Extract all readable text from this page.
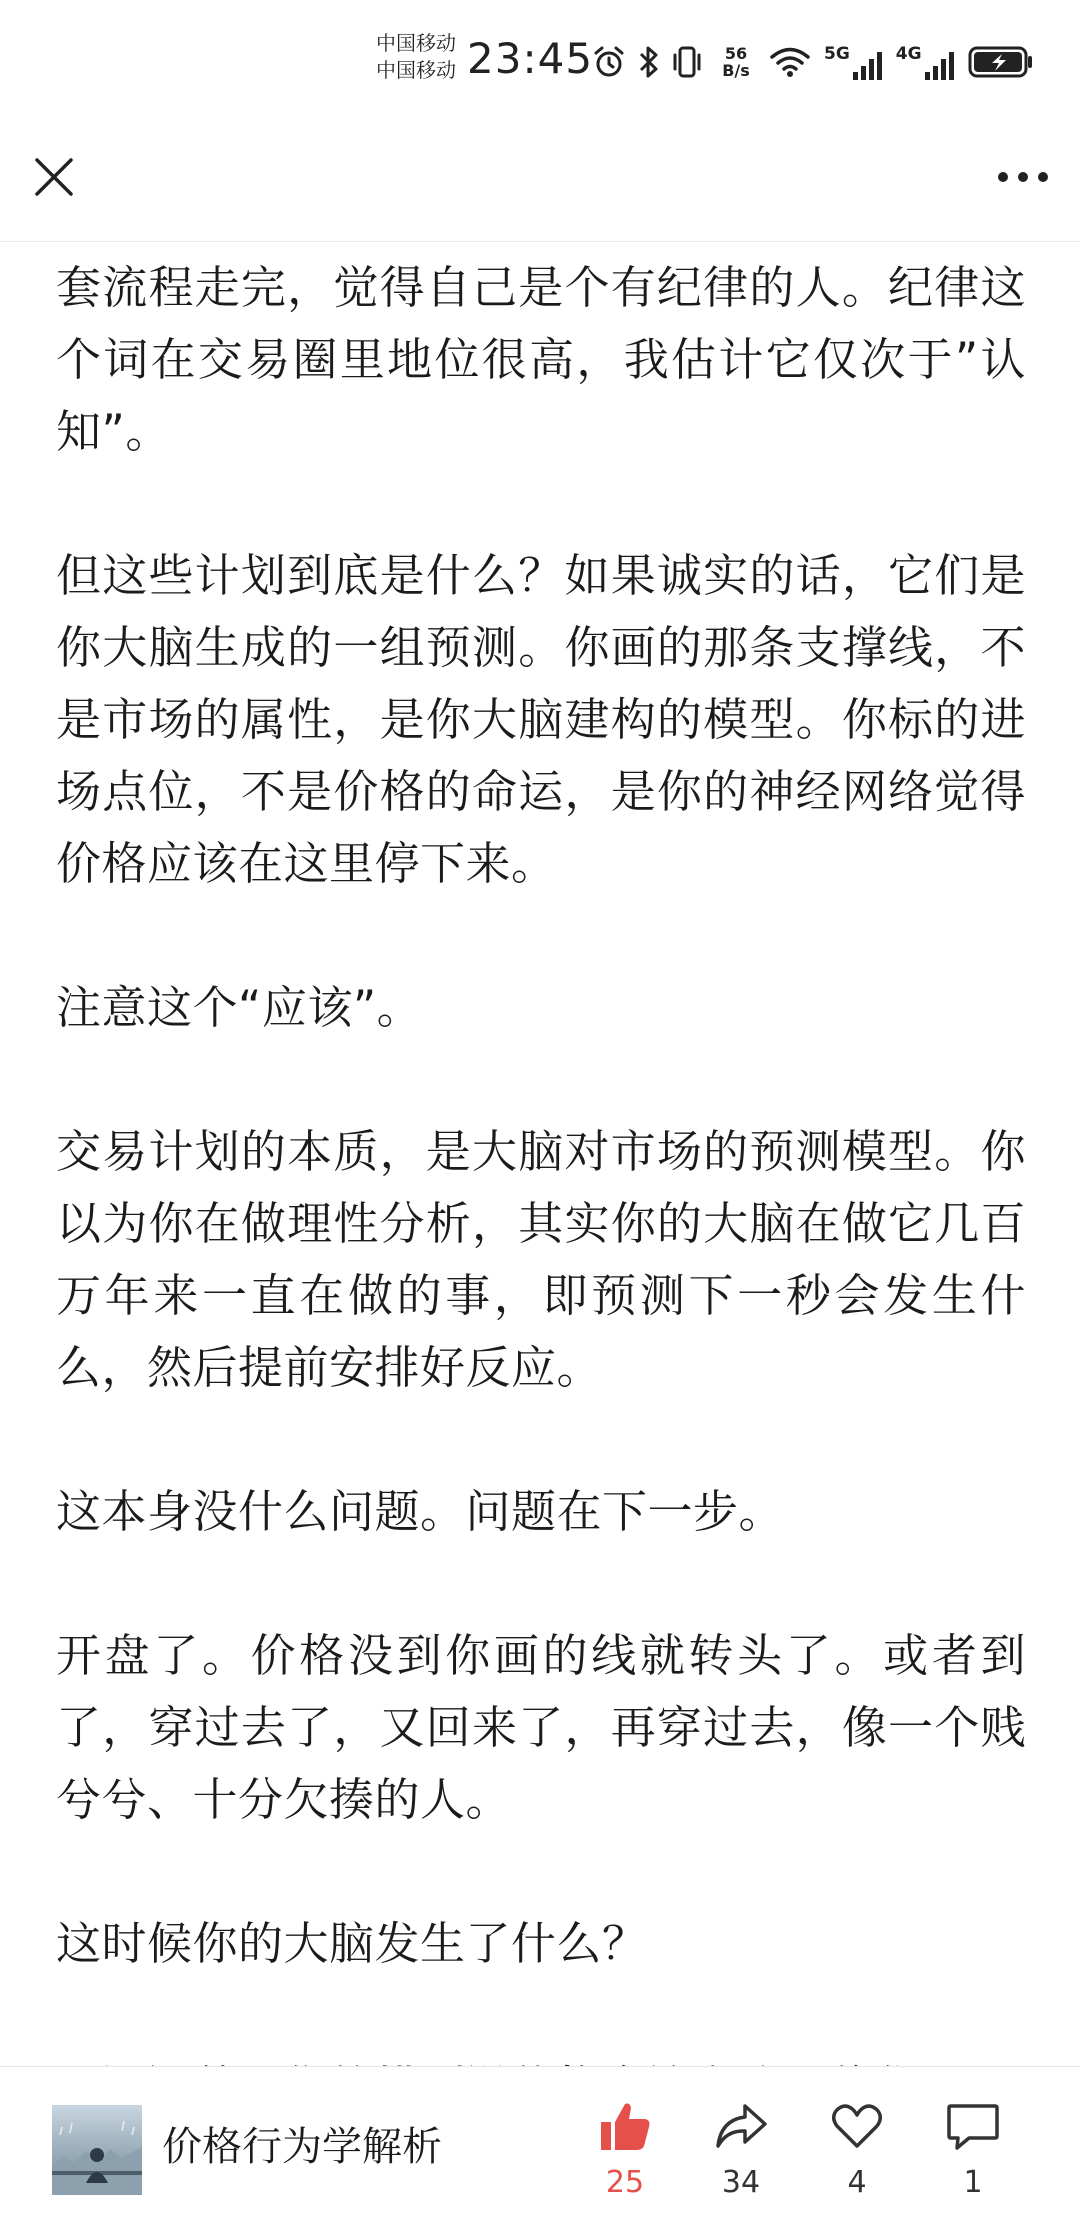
中国移动
中国移动 23:45	56
B/s
5G	4G

套流程走完，觉得自己是个有纪律的人。纪律这个词在交易圈里地位很高，我估计它仅次于”认知”。

但这些计划到底是什么？如果诚实的话，它们是你大脑生成的一组预测。你画的那条支撑线，不是市场的属性，是你大脑建构的模型。你标的进场点位，不是价格的命运，是你的神经网络觉得价格应该在这里停下来。

注意这个“应该”。

交易计划的本质，是大脑对市场的预测模型。你以为你在做理性分析，其实你的大脑在做它几百万年来一直在做的事，即预测下一秒会发生什么，然后提前安排好反应。

这本身没什么问题。问题在下一步。

开盘了。价格没到你画的线就转头了。或者到了，穿过去了，又回来了，再穿过去，像一个贱兮兮、十分欠揍的人。

这时候你的大脑发生了什么？

价格行为学解析
25	34	4	1
